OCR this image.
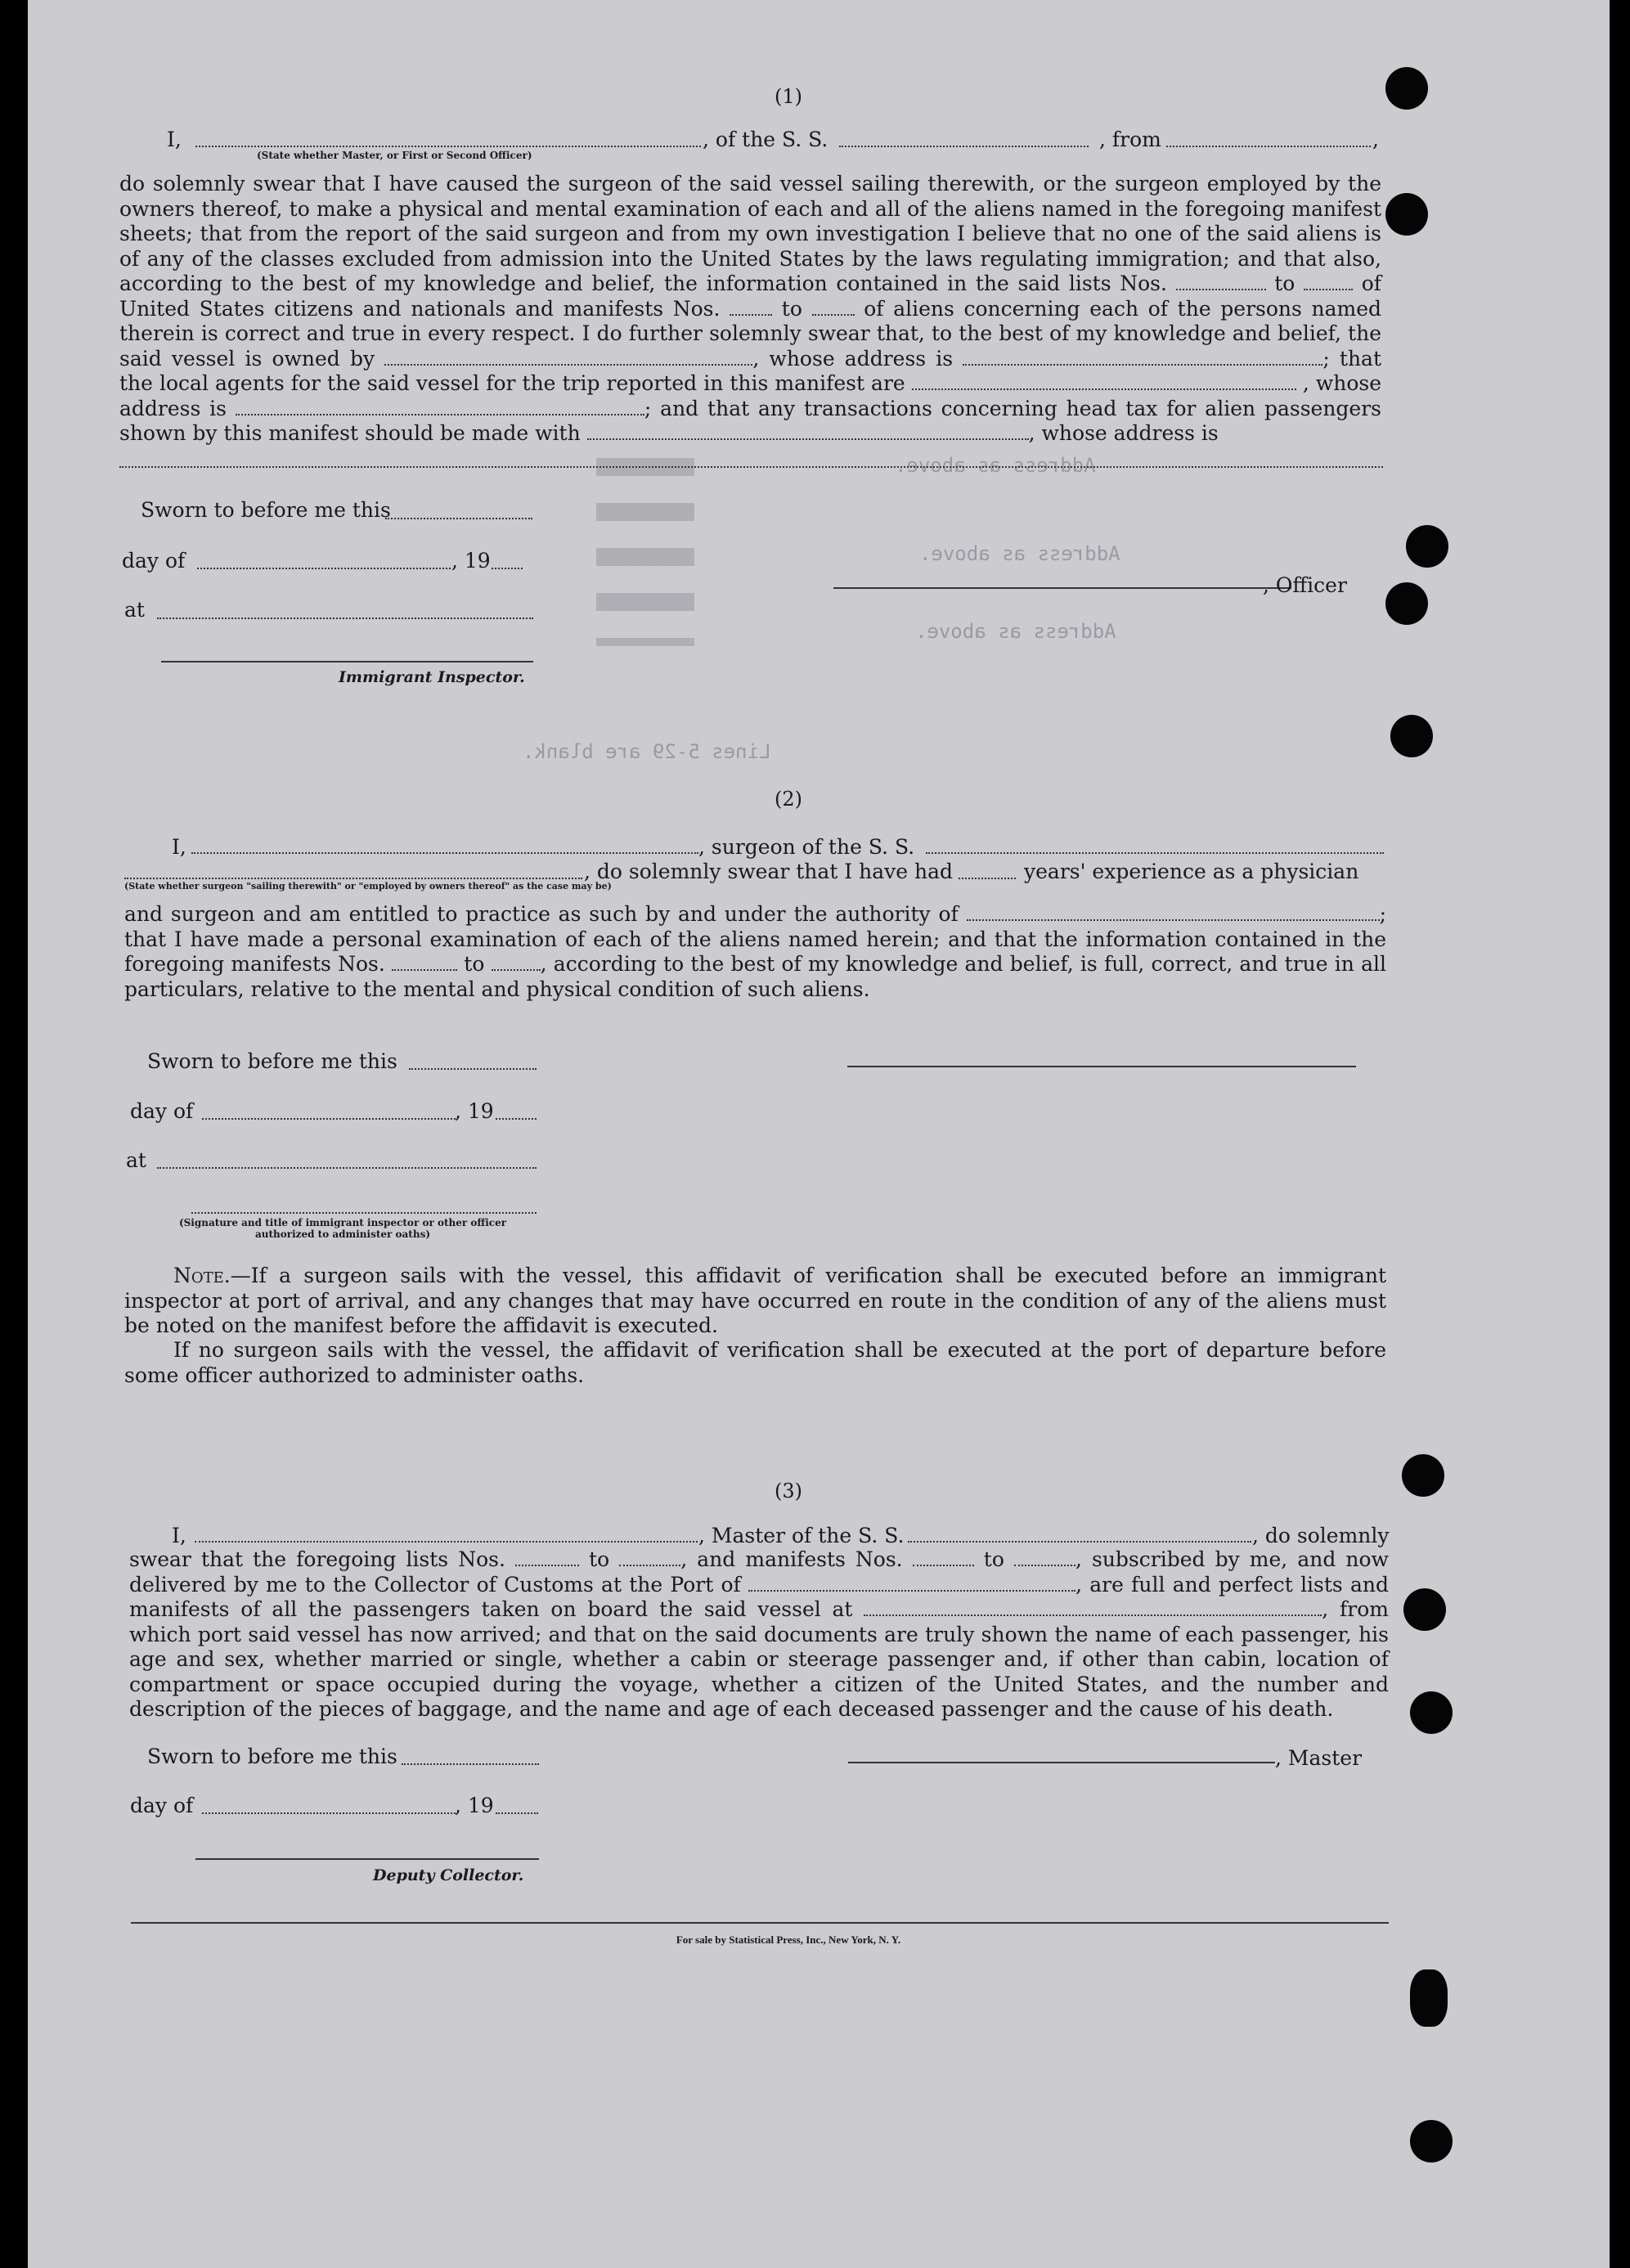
Address as above.
Address as above.
Address as above.
Lines 5-29 are blank.
(1)
I,
(State whether Master, or First or Second Officer)
, of the S. S.	, from	,
do solemnly swear that I have caused the surgeon of the said vessel sailing therewith, or the surgeon employed by the owners thereof, to make a physical and mental examination of each and all of the aliens named in the foregoing manifest sheets; that from the report of the said surgeon and from my own investigation I believe that no one of the said aliens is of any of the classes excluded from admission into the United States by the laws regulating immigration; and that also, according to the best of my knowledge and belief, the information contained in the said lists Nos.	to	of United States citizens and nationals and manifests Nos.	to	of aliens concerning each of the persons named therein is correct and true in every respect. I do further solemnly swear that, to the best of my knowledge and belief, the said vessel is owned by	, whose address is	; that the local agents for the said vessel for the trip reported in this manifest are	, whose address is	; and that any transactions concerning head tax for alien passengers shown by this manifest should be made with	, whose address is
Sworn to before me this
day of	, 19
at
Immigrant Inspector.
, Officer
(2)
I,	, surgeon of the S. S.
(State whether surgeon "sailing therewith" or "employed by owners thereof" as the case may be)
, do solemnly swear that I have had	years' experience as a physician
and surgeon and am entitled to practice as such by and under the authority of	; that I have made a personal examination of each of the aliens named herein; and that the information contained in the foregoing manifests Nos.	to	, according to the best of my knowledge and belief, is full, correct, and true in all particulars, relative to the mental and physical condition of such aliens.
Sworn to before me this
day of	, 19
at
(Signature and title of immigrant inspector or other officer authorized to administer oaths)
Note.—If a surgeon sails with the vessel, this affidavit of verification shall be executed before an immigrant inspector at port of arrival, and any changes that may have occurred en route in the condition of any of the aliens must be noted on the manifest before the affidavit is executed.
If no surgeon sails with the vessel, the affidavit of verification shall be executed at the port of departure before some officer authorized to administer oaths.
(3)
I,	, Master of the S. S.	, do solemnly
swear that the foregoing lists Nos.	to	, and manifests Nos.	to	, subscribed by me, and now delivered by me to the Collector of Customs at the Port of	, are full and perfect lists and manifests of all the passengers taken on board the said vessel at	, from which port said vessel has now arrived; and that on the said documents are truly shown the name of each passenger, his age and sex, whether married or single, whether a cabin or steerage passenger and, if other than cabin, location of compartment or space occupied during the voyage, whether a citizen of the United States, and the number and description of the pieces of baggage, and the name and age of each deceased passenger and the cause of his death.
Sworn to before me this	, Master
day of	, 19
Deputy Collector.
For sale by Statistical Press, Inc., New York, N. Y.
